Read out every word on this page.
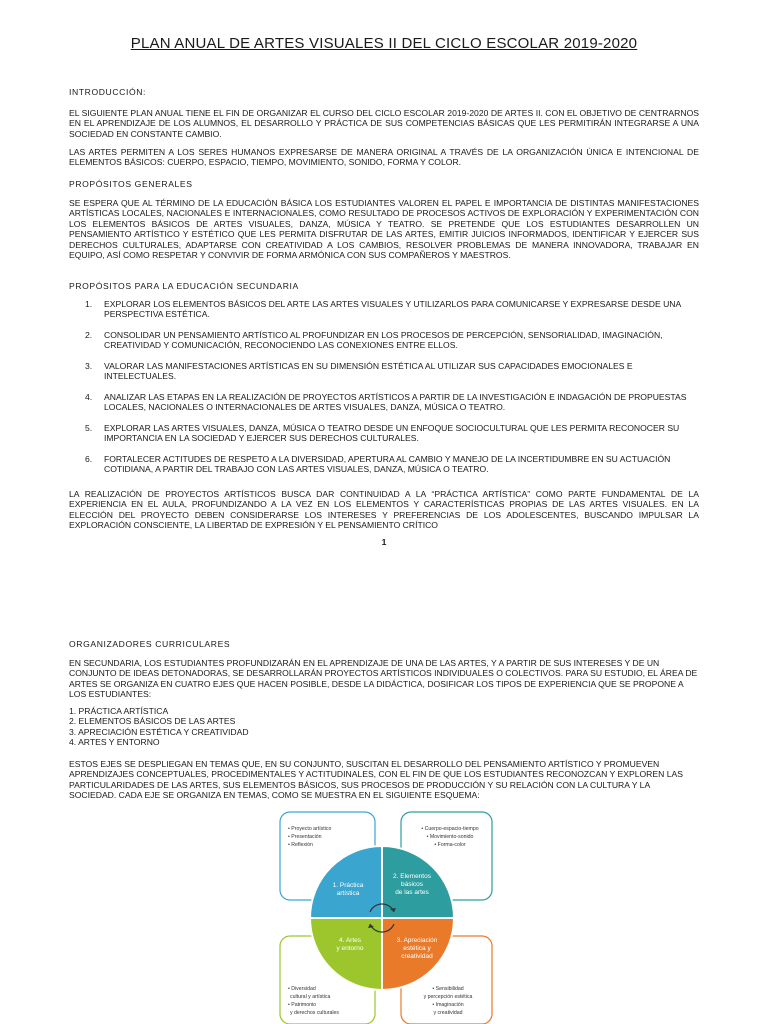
PLAN ANUAL DE ARTES VISUALES II DEL CICLO ESCOLAR 2019-2020
INTRODUCCIÓN:
EL SIGUIENTE PLAN ANUAL TIENE EL FIN DE ORGANIZAR EL CURSO DEL CICLO ESCOLAR 2019-2020 DE ARTES II. CON EL OBJETIVO DE CENTRARNOS EN EL APRENDIZAJE DE LOS ALUMNOS, EL DESARROLLO Y PRÁCTICA DE SUS COMPETENCIAS BÁSICAS QUE LES PERMITIRÁN INTEGRARSE A UNA SOCIEDAD EN CONSTANTE CAMBIO.
LAS ARTES PERMITEN A LOS SERES HUMANOS EXPRESARSE DE MANERA ORIGINAL A TRAVÉS DE LA ORGANIZACIÓN ÚNICA E INTENCIONAL DE ELEMENTOS BÁSICOS: CUERPO, ESPACIO, TIEMPO, MOVIMIENTO, SONIDO, FORMA Y COLOR.
PROPÓSITOS GENERALES
SE ESPERA QUE AL TÉRMINO DE LA EDUCACIÓN BÁSICA LOS ESTUDIANTES VALOREN EL PAPEL E IMPORTANCIA DE DISTINTAS MANIFESTACIONES ARTÍSTICAS LOCALES, NACIONALES E INTERNACIONALES, COMO RESULTADO DE PROCESOS ACTIVOS DE EXPLORACIÓN Y EXPERIMENTACIÓN CON LOS ELEMENTOS BÁSICOS DE ARTES VISUALES, DANZA, MÚSICA Y TEATRO. SE PRETENDE QUE LOS ESTUDIANTES DESARROLLEN UN PENSAMIENTO ARTÍSTICO Y ESTÉTICO QUE LES PERMITA DISFRUTAR DE LAS ARTES, EMITIR JUICIOS INFORMADOS, IDENTIFICAR Y EJERCER SUS DERECHOS CULTURALES, ADAPTARSE CON CREATIVIDAD A LOS CAMBIOS, RESOLVER PROBLEMAS DE MANERA INNOVADORA, TRABAJAR EN EQUIPO, ASÍ COMO RESPETAR Y CONVIVIR DE FORMA ARMÓNICA CON SUS COMPAÑEROS Y MAESTROS.
PROPÓSITOS PARA LA EDUCACIÓN SECUNDARIA
1. EXPLORAR LOS ELEMENTOS BÁSICOS DEL ARTE LAS ARTES VISUALES Y UTILIZARLOS PARA COMUNICARSE Y EXPRESARSE DESDE UNA PERSPECTIVA ESTÉTICA.
2. CONSOLIDAR UN PENSAMIENTO ARTÍSTICO AL PROFUNDIZAR EN LOS PROCESOS DE PERCEPCIÓN, SENSORIALIDAD, IMAGINACIÓN, CREATIVIDAD Y COMUNICACIÓN, RECONOCIENDO LAS CONEXIONES ENTRE ELLOS.
3. VALORAR LAS MANIFESTACIONES ARTÍSTICAS EN SU DIMENSIÓN ESTÉTICA AL UTILIZAR SUS CAPACIDADES EMOCIONALES E INTELECTUALES.
4. ANALIZAR LAS ETAPAS EN LA REALIZACIÓN DE PROYECTOS ARTÍSTICOS A PARTIR DE LA INVESTIGACIÓN E INDAGACIÓN DE PROPUESTAS LOCALES, NACIONALES O INTERNACIONALES DE ARTES VISUALES, DANZA, MÚSICA O TEATRO.
5. EXPLORAR LAS ARTES VISUALES, DANZA, MÚSICA O TEATRO DESDE UN ENFOQUE SOCIOCULTURAL QUE LES PERMITA RECONOCER SU IMPORTANCIA EN LA SOCIEDAD Y EJERCER SUS DERECHOS CULTURALES.
6. FORTALECER ACTITUDES DE RESPETO A LA DIVERSIDAD, APERTURA AL CAMBIO Y MANEJO DE LA INCERTIDUMBRE EN SU ACTUACIÓN COTIDIANA, A PARTIR DEL TRABAJO CON LAS ARTES VISUALES, DANZA, MÚSICA O TEATRO.
LA REALIZACIÓN DE PROYECTOS ARTÍSTICOS BUSCA DAR CONTINUIDAD A LA “PRÁCTICA ARTÍSTICA” COMO PARTE FUNDAMENTAL DE LA EXPERIENCIA EN EL AULA, PROFUNDIZANDO A LA VEZ EN LOS ELEMENTOS Y CARACTERÍSTICAS PROPIAS DE LAS ARTES VISUALES. EN LA ELECCIÓN DEL PROYECTO DEBEN CONSIDERARSE LOS INTERESES Y PREFERENCIAS DE LOS ADOLESCENTES, BUSCANDO IMPULSAR LA EXPLORACIÓN CONSCIENTE, LA LIBERTAD DE EXPRESIÓN Y EL PENSAMIENTO CRÍTICO
1
ORGANIZADORES CURRICULARES
EN SECUNDARIA, LOS ESTUDIANTES PROFUNDIZARÁN EN EL APRENDIZAJE DE UNA DE LAS ARTES, Y A PARTIR DE SUS INTERESES Y DE UN CONJUNTO DE IDEAS DETONADORAS, SE DESARROLLARÁN PROYECTOS ARTÍSTICOS INDIVIDUALES O COLECTIVOS. PARA SU ESTUDIO, EL ÁREA DE ARTES SE ORGANIZA EN CUATRO EJES QUE HACEN POSIBLE, DESDE LA DIDÁCTICA, DOSIFICAR LOS TIPOS DE EXPERIENCIA QUE SE PROPONE A LOS ESTUDIANTES:
1. PRÁCTICA ARTÍSTICA
2. ELEMENTOS BÁSICOS DE LAS ARTES
3. APRECIACIÓN ESTÉTICA Y CREATIVIDAD
4. ARTES Y ENTORNO
ESTOS EJES SE DESPLIEGAN EN TEMAS QUE, EN SU CONJUNTO, SUSCITAN EL DESARROLLO DEL PENSAMIENTO ARTÍSTICO Y PROMUEVEN APRENDIZAJES CONCEPTUALES, PROCEDIMENTALES Y ACTITUDINALES, CON EL FIN DE QUE LOS ESTUDIANTES RECONOZCAN Y EXPLOREN LAS PARTICULARIDADES DE LAS ARTES, SUS ELEMENTOS BÁSICOS, SUS PROCESOS DE PRODUCCIÓN Y SU RELACIÓN CON LA CULTURA Y LA SOCIEDAD. CADA EJE SE ORGANIZA EN TEMAS, COMO SE MUESTRA EN EL SIGUIENTE ESQUEMA:
1. Práctica
artística
2. Elementos
básicos
de las artes
3. Apreciación
estética y
creatividad
4. Artes
y entorno
• Proyecto artístico
• Presentación
• Reflexión
• Cuerpo-espacio-tiempo
• Movimiento-sonido
• Forma-color
• Diversidad
cultural y artística
• Patrimonio
y derechos culturales
• Sensibilidad
y percepción estética
• Imaginación
y creatividad
